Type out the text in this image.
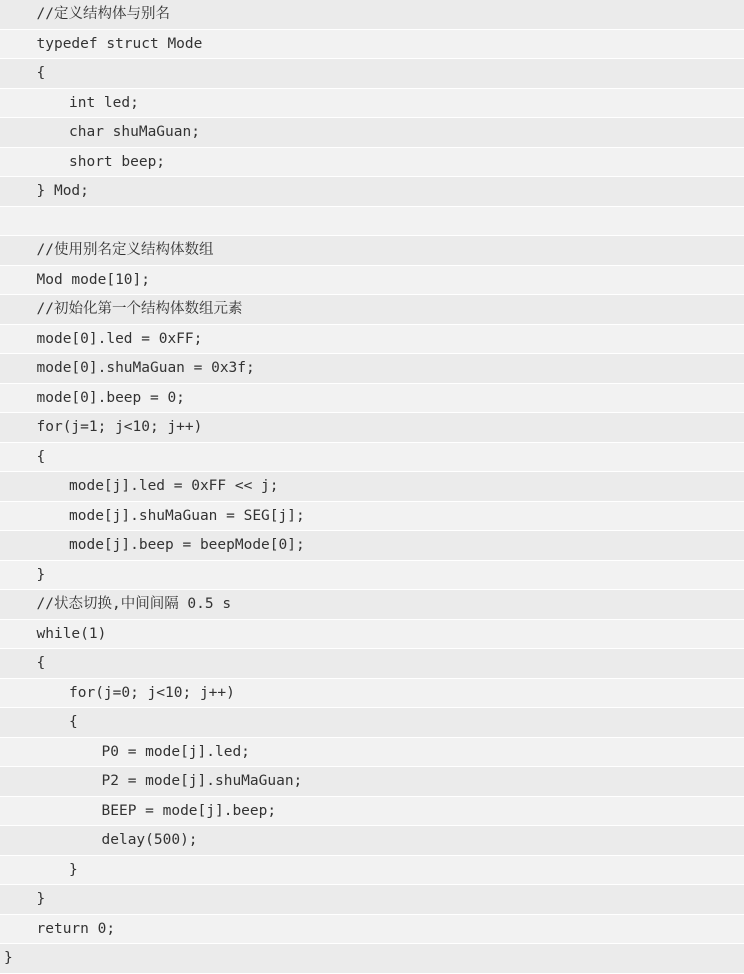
//定义结构体与别名
typedef struct Mode
{
int led;
char shuMaGuan;
short beep;
} Mod;
//使用别名定义结构体数组
Mod mode[10];
//初始化第一个结构体数组元素
mode[0].led = 0xFF;
mode[0].shuMaGuan = 0x3f;
mode[0].beep = 0;
for(j=1; j<10; j++)
{
mode[j].led = 0xFF << j;
mode[j].shuMaGuan = SEG[j];
mode[j].beep = beepMode[0];
}
//状态切换,中间间隔 0.5 s
while(1)
{
for(j=0; j<10; j++)
{
P0 = mode[j].led;
P2 = mode[j].shuMaGuan;
BEEP = mode[j].beep;
delay(500);
}
}
return 0;
}
